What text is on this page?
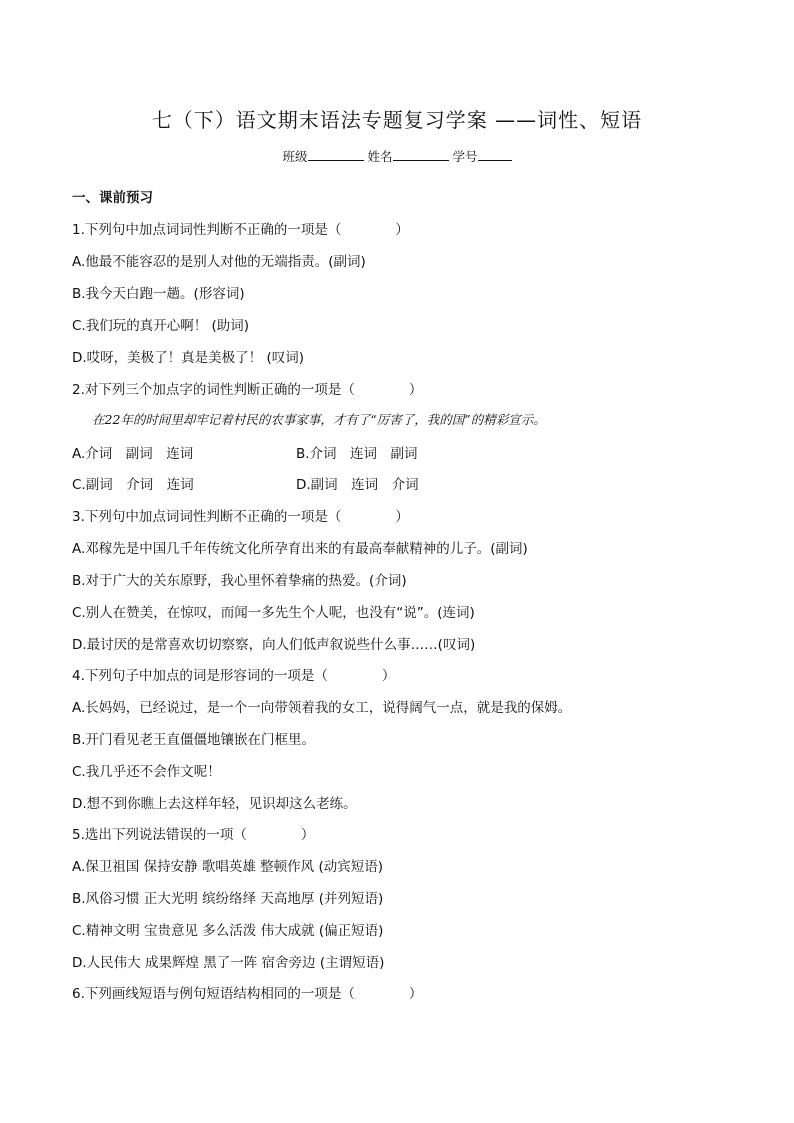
七（下）语文期末语法专题复习学案 ——词性、短语
班级	姓名	学号
一、课前预习
1.下列句中加点词词性判断不正确的一项是（　　　　）
A.他最不能容忍的是别人对他的无端指责。(副词)
B.我今天白跑一趟。(形容词)
C.我们玩的真开心啊！ (助词)
D.哎呀，美极了！真是美极了！ (叹词)
2.对下列三个加点字的词性判断正确的一项是（　　　　）
在22年的时间里却牢记着村民的农事家事，才有了“厉害了，我的国”的精彩宣示。
A.介词　副词　连词	B.介词　连词　副词
C.副词　介词　连词	D.副词　连词　介词
3.下列句中加点词词性判断不正确的一项是（　　　　）
A.邓稼先是中国几千年传统文化所孕育出来的有最高奉献精神的儿子。(副词)
B.对于广大的关东原野，我心里怀着挚痛的热爱。(介词)
C.别人在赞美，在惊叹，而闻一多先生个人呢，也没有“说”。(连词)
D.最讨厌的是常喜欢切切察察，向人们低声叙说些什么事……(叹词)
4.下列句子中加点的词是形容词的一项是（　　　　）
A.长妈妈，已经说过，是一个一向带领着我的女工，说得阔气一点，就是我的保姆。
B.开门看见老王直僵僵地镶嵌在门框里。
C.我几乎还不会作文呢！
D.想不到你瞧上去这样年轻，见识却这么老练。
5.选出下列说法错误的一项（　　　　）
A.保卫祖国 保持安静 歌唱英雄 整顿作风 (动宾短语)
B.风俗习惯 正大光明 缤纷络绎 天高地厚 (并列短语)
C.精神文明 宝贵意见 多么活泼 伟大成就 (偏正短语)
D.人民伟大 成果辉煌 黑了一阵 宿舍旁边 (主谓短语)
6.下列画线短语与例句短语结构相同的一项是（　　　　）
